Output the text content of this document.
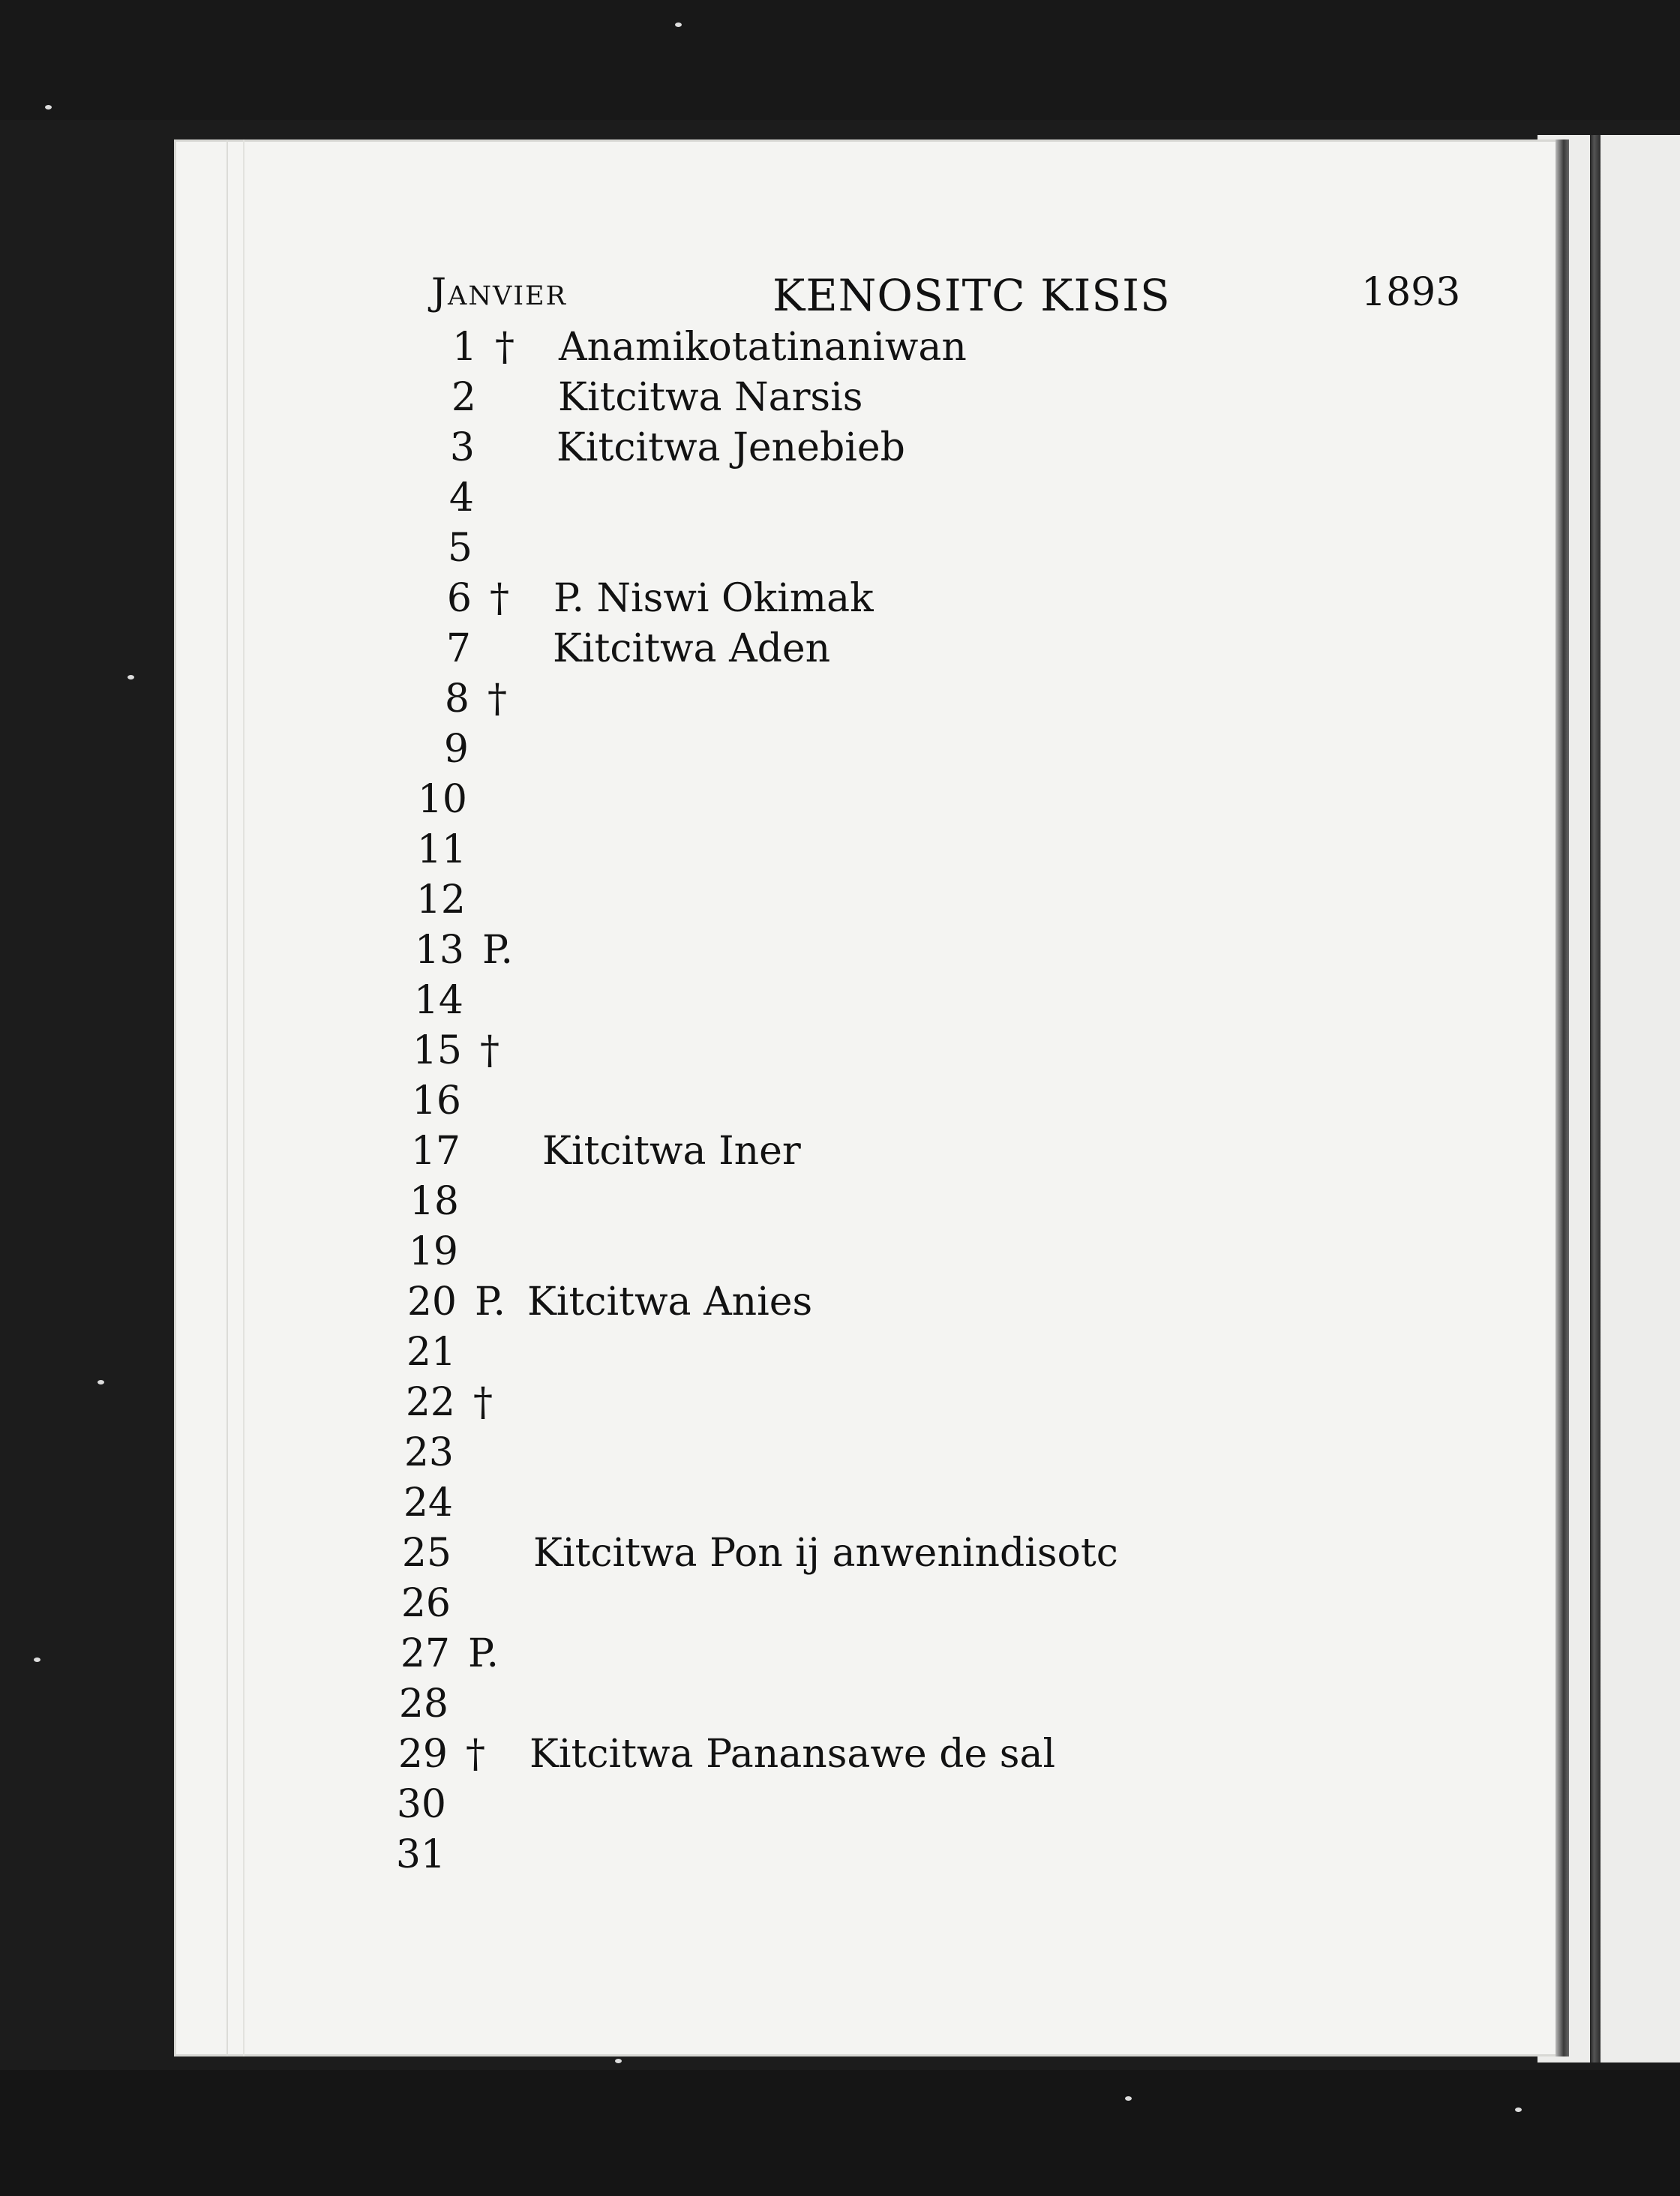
Janvier	KENOSITC KISIS	1893
1 † Anamikotatinaniwan
2 Kitcitwa Narsis
3 Kitcitwa Jenebieb
4
5
6 † P. Niswi Okimak
7 Kitcitwa Aden
8 †
9
10
11
12
13 P.
14
15 †
16
17 Kitcitwa Iner
18
19
20 P. Kitcitwa Anies
21
22 †
23
24
25 Kitcitwa Pon ij anwenindisotc
26
27 P.
28
29 † Kitcitwa Panansawe de sal
30
31
